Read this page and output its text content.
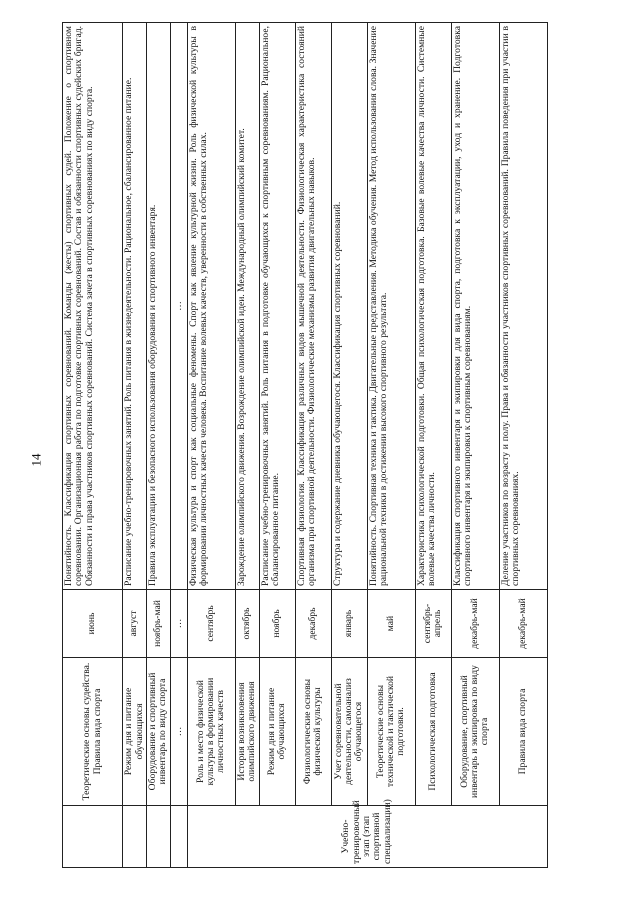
14
	Теоретические основы судейства. Правила вида спорта	июнь	Понятийность. Классификация спортивных соревнований. Команды (жесты) спортивных судей. Положение о спортивном соревновании. Организационная работа по подготовке спортивных соревнований. Состав и обязанности спортивных судейских бригад. Обязанности и права участников спортивных соревнований. Система зачета в спортивных соревнованиях по виду спорта.
	Режим дня и питание обучающихся	август	Расписание учебно-тренировочных занятий. Роль питания в жизнедеятельности. Рациональное, сбалансированное питание.
	Оборудование и спортивный инвентарь по виду спорта	ноябрь-май	Правила эксплуатации и безопасного использования оборудования и спортивного инвентаря.
	…	…	…
Учебно-тренировочный этап (этап спортивной специализации)	Роль и место физической культуры в формировании личностных качеств	сентябрь	Физическая культура и спорт как социальные феномены. Спорт как явление культурной жизни. Роль физической культуры в формировании личностных качеств человека. Воспитание волевых качеств, уверенности в собственных силах.
	История возникновения олимпийского движения	октябрь	Зарождение олимпийского движения. Возрождение олимпийской идеи. Международный олимпийский комитет.
	Режим дня и питание обучающихся	ноябрь	Расписание учебно-тренировочных занятий. Роль питания в подготовке обучающихся к спортивным соревнованиям. Рациональное, сбалансированное питание.
	Физиологические основы физической культуры	декабрь	Спортивная физиология. Классификация различных видов мышечной деятельности. Физиологическая характеристика состояний организма при спортивной деятельности. Физиологические механизмы развития двигательных навыков.
	Учет соревновательной деятельности, самоанализ обучающегося	январь	Структура и содержание дневника обучающегося. Классификация спортивных соревнований.
	Теоретические основы технической и тактической подготовки.	май	Понятийность. Спортивная техника и тактика. Двигательные представления. Методика обучения. Метод использования слова. Значение рациональной техники в достижении высокого спортивного результата.
	Психологическая подготовка	сентябрь-апрель	Характеристика психологической подготовки. Общая психологическая подготовка. Базовые волевые качества личности. Системные волевые качества личности.
	Оборудование, спортивный инвентарь и экипировка по виду спорта	декабрь-май	Классификация спортивного инвентаря и экипировки для вида спорта, подготовка к эксплуатации, уход и хранение. Подготовка спортивного инвентаря и экипировки к спортивным соревнованиям.
	Правила вида спорта	декабрь-май	Деление участников по возрасту и полу. Права и обязанности участников спортивных соревнований. Правила поведения при участии в спортивных соревнованиях.
